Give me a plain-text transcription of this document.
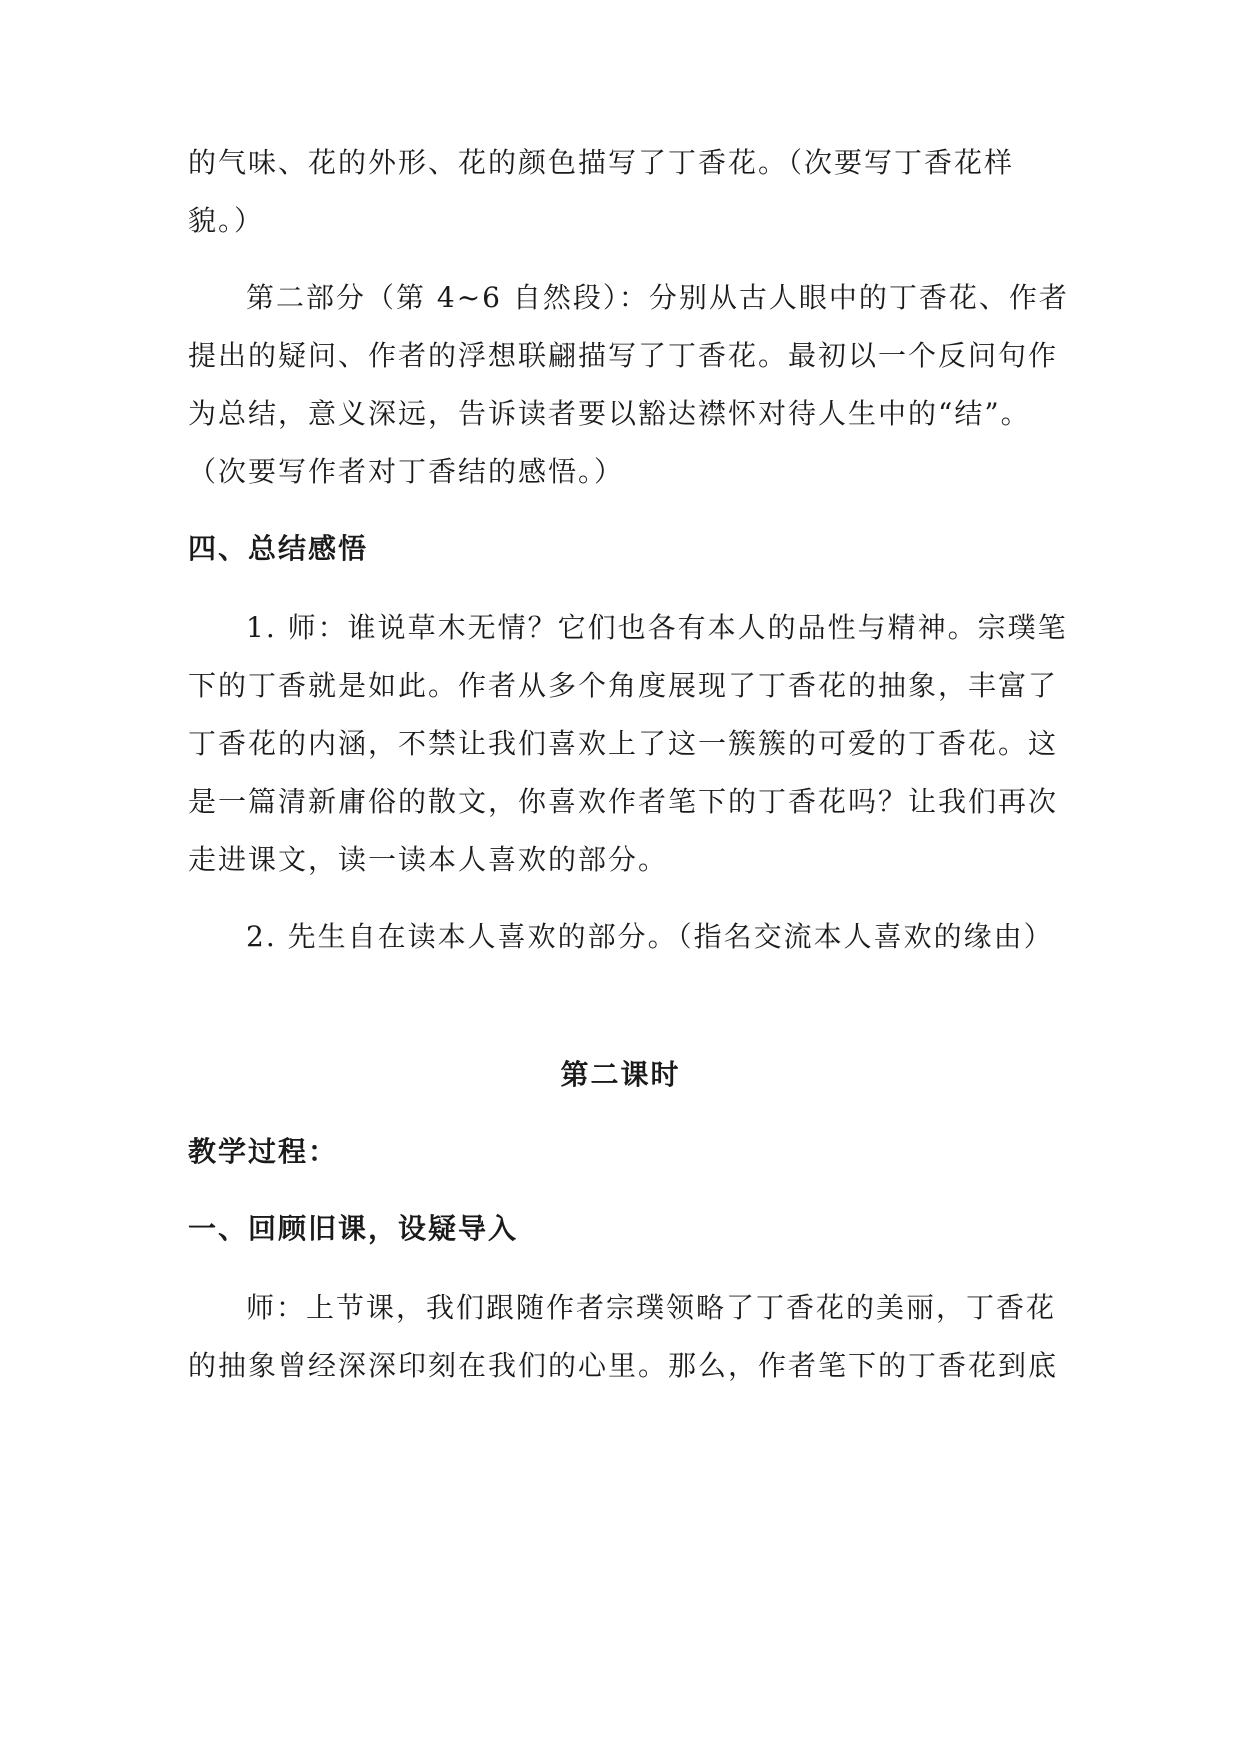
的气味、花的外形、花的颜色描写了丁香花。（次要写丁香花样
貌。）
第二部分（第 4~6 自然段）：分别从古人眼中的丁香花、作者
提出的疑问、作者的浮想联翩描写了丁香花。最初以一个反问句作
为总结，意义深远，告诉读者要以豁达襟怀对待人生中的“结”。
（次要写作者对丁香结的感悟。）
四、总结感悟
1. 师：谁说草木无情？它们也各有本人的品性与精神。宗璞笔
下的丁香就是如此。作者从多个角度展现了丁香花的抽象，丰富了
丁香花的内涵，不禁让我们喜欢上了这一簇簇的可爱的丁香花。这
是一篇清新庸俗的散文，你喜欢作者笔下的丁香花吗？让我们再次
走进课文，读一读本人喜欢的部分。
2. 先生自在读本人喜欢的部分。（指名交流本人喜欢的缘由）
第二课时
教学过程：
一、回顾旧课，设疑导入
师：上节课，我们跟随作者宗璞领略了丁香花的美丽，丁香花
的抽象曾经深深印刻在我们的心里。那么，作者笔下的丁香花到底
